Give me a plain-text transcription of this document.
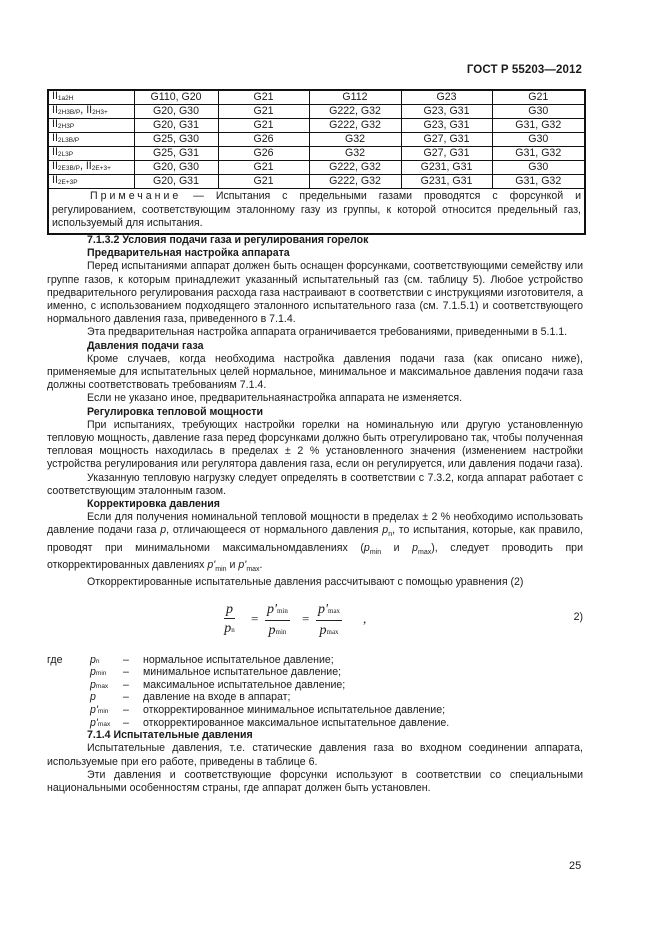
ГОСТ Р 55203—2012
$II_{1a2H}$	G110, G20	G21	G112	G23	G21
$II_{2H3B/P}$, $II_{2H3+}$	G20, G30	G21	G222, G32	G23, G31	G30
$II_{2H3P}$	G20, G31	G21	G222, G32	G23, G31	G31, G32
$II_{2L3B/P}$	G25, G30	G26	G32	G27, G31	G30
$II_{2L3P}$	G25, G31	G26	G32	G27, G31	G31, G32
$II_{2E3B/P}$, $II_{2E+3+}$	G20, G30	G21	G222, G32	G231, G31	G30
$II_{2E+3P}$	G20, G31	G21	G222, G32	G231, G31	G31, G32
Примечание — Испытания с предельными газами проводятся с форсункой и регулированием, соответствующим эталонному газу из группы, к которой относится предельный газ, используемый для испытания.					

7.1.3.2 Условия подачи газа и регулирования горелок

Предварительная настройка аппарата

Перед испытаниями аппарат должен быть оснащен форсунками, соответствующими семейству или группе газов, к которым принадлежит указанный испытательный газ (см. таблицу 5). Любое устройство предварительного регулирования расхода газа настраивают в соответствии с инструкциями изготовителя, а именно, с использованием подходящего эталонного испытательного газа (см. 7.1.5.1) и соответствующего нормального давления газа, приведенного в 7.1.4.

Эта предварительная настройка аппарата ограничивается требованиями, приведенными в 5.1.1.

Давления подачи газа

Кроме случаев, когда необходима настройка давления подачи газа (как описано ниже), применяемые для испытательных целей нормальное, минимальное и максимальное давления подачи газа должны соответствовать требованиям 7.1.4.

Если не указано иное, предварительнаянастройка аппарата не изменяется.

Регулировка тепловой мощности

При испытаниях, требующих настройки горелки на номинальную или другую установленную тепловую мощность, давление газа перед форсунками должно быть отрегулировано так, чтобы полученная тепловая мощность находилась в пределах ± 2 % установленного значения (изменением настройки устройства регулирования или регулятора давления газа, если он регулируется, или давления подачи газа).

Указанную тепловую нагрузку следует определять в соответствии с 7.3.2, когда аппарат работает с соответствующим эталонным газом.

Корректировка давления

Если для получения номинальной тепловой мощности в пределах ± 2 % необходимо использовать давление подачи газа p, отличающееся от нормального давления $p_n$, то испытания, которые, как правило, проводят при минимальноми максимальномдавлениях ($p_{min}$ и $p_{max}$), следует проводить при откорректированных давлениях $p'_{min}$ и $p'_{max}$.

Откорректированные испытательные давления рассчитывают с помощью уравнения (2)

$\frac{p}{pn}$ =
p'min
pmin
=
p'max
pmax
,	2)
где	pn	–	нормальное испытательное давление;
pmin	–	минимальное испытательное давление;
pmax	–	максимальное испытательное давление;
p	–	давление на входе в аппарат;
p'min	–	откорректированное минимальное испытательное давление;
p'max	–	откорректированное максимальное испытательное давление.

7.1.4 Испытательные давления

Испытательные давления, т.е. статические давления газа во входном соединении аппарата, используемые при его работе, приведены в таблице 6.

Эти давления и соответствующие форсунки используют в соответствии со специальными национальными особенностям страны, где аппарат должен быть установлен.

25
